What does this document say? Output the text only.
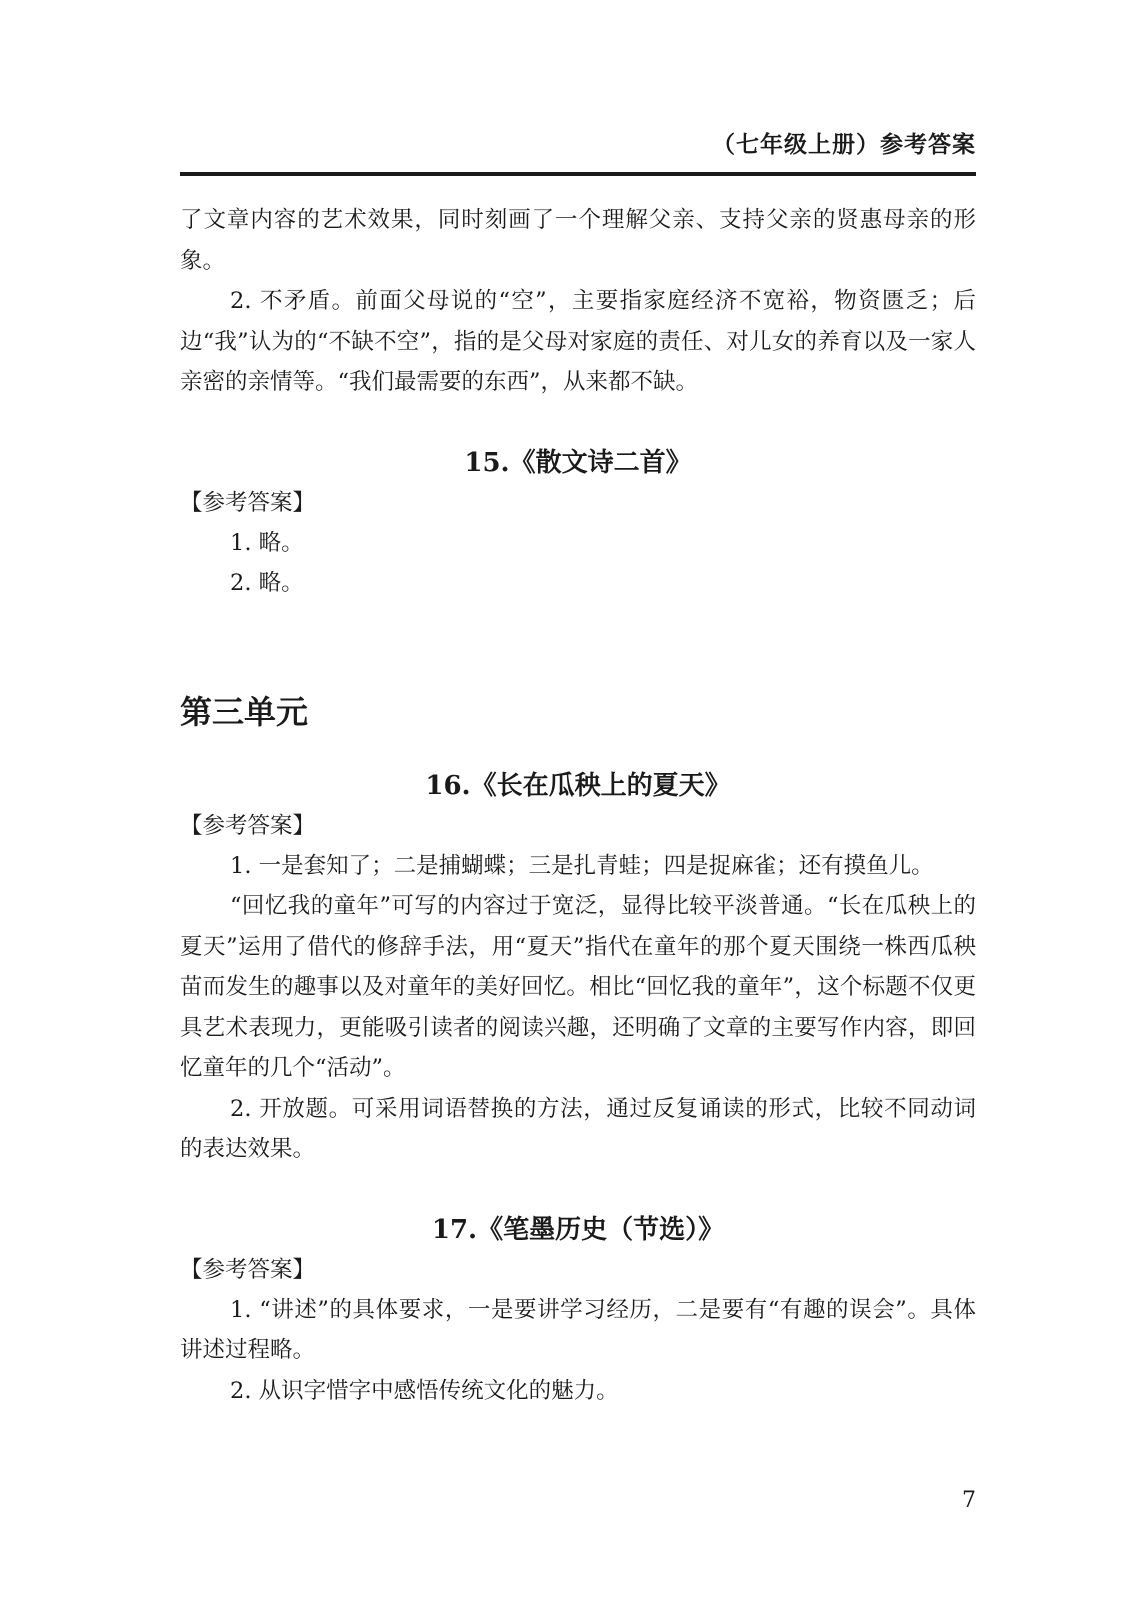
（七年级上册）参考答案

了文章内容的艺术效果，同时刻画了一个理解父亲、支持父亲的贤惠母亲的形象。

2. 不矛盾。前面父母说的“空”，主要指家庭经济不宽裕，物资匮乏；后边“我”认为的“不缺不空”，指的是父母对家庭的责任、对儿女的养育以及一家人亲密的亲情等。“我们最需要的东西”，从来都不缺。

15.《散文诗二首》

【参考答案】

1. 略。

2. 略。

第三单元

16.《长在瓜秧上的夏天》

【参考答案】

1. 一是套知了；二是捕蝴蝶；三是扎青蛙；四是捉麻雀；还有摸鱼儿。

“回忆我的童年”可写的内容过于宽泛，显得比较平淡普通。“长在瓜秧上的夏天”运用了借代的修辞手法，用“夏天”指代在童年的那个夏天围绕一株西瓜秧苗而发生的趣事以及对童年的美好回忆。相比“回忆我的童年”，这个标题不仅更具艺术表现力，更能吸引读者的阅读兴趣，还明确了文章的主要写作内容，即回忆童年的几个“活动”。

2. 开放题。可采用词语替换的方法，通过反复诵读的形式，比较不同动词的表达效果。

17.《笔墨历史（节选）》

【参考答案】

1. “讲述”的具体要求，一是要讲学习经历，二是要有“有趣的误会”。具体讲述过程略。

2. 从识字惜字中感悟传统文化的魅力。

7
